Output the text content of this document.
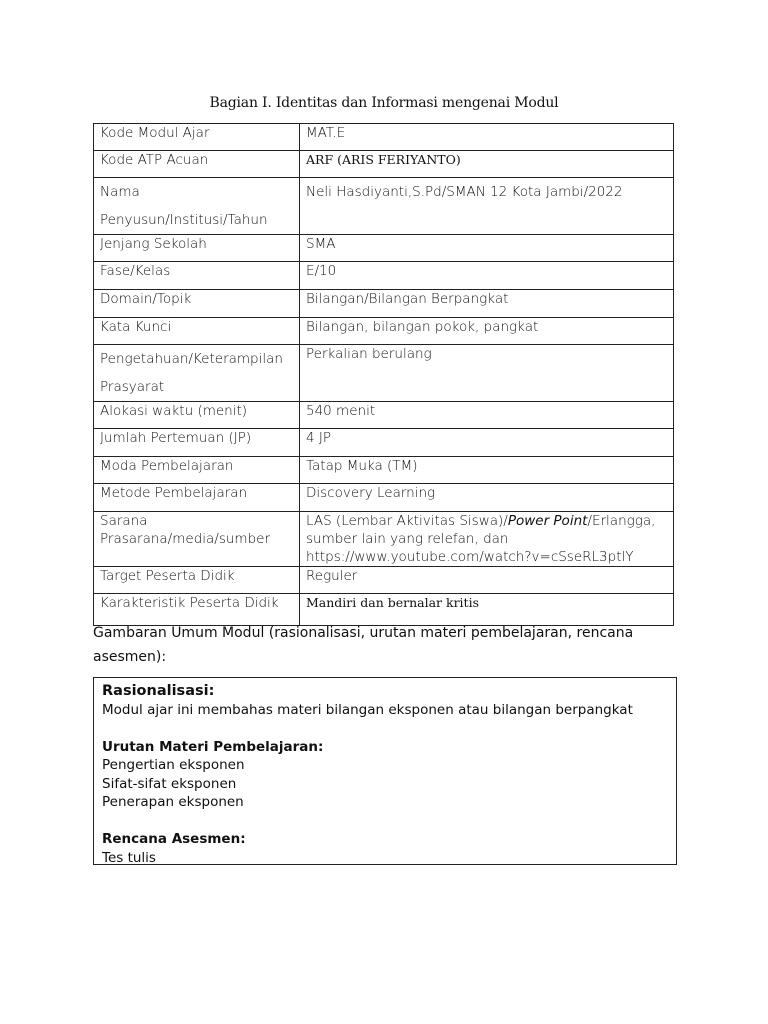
Bagian I. Identitas dan Informasi mengenai Modul
Kode Modul Ajar	MAT.E
Kode ATP Acuan	ARF (ARIS FERIYANTO)
Nama Penyusun/Institusi/Tahun	Neli Hasdiyanti,S.Pd/SMAN 12 Kota Jambi/2022
Jenjang Sekolah	SMA
Fase/Kelas	E/10
Domain/Topik	Bilangan/Bilangan Berpangkat
Kata Kunci	Bilangan, bilangan pokok, pangkat
Pengetahuan/Keterampilan Prasyarat	Perkalian berulang
Alokasi waktu (menit)	540 menit
Jumlah Pertemuan (JP)	4 JP
Moda Pembelajaran	Tatap Muka (TM)
Metode Pembelajaran	Discovery Learning
Sarana Prasarana/media/sumber	LAS (Lembar Aktivitas Siswa)/Power Point/Erlangga, sumber lain yang relefan, dan https://www.youtube.com/watch?v=cSseRL3ptlY
Target Peserta Didik	Reguler
Karakteristik Peserta Didik	Mandiri dan bernalar kritis
Gambaran Umum Modul (rasionalisasi, urutan materi pembelajaran, rencana asesmen):
Rasionalisasi:
Modul ajar ini membahas materi bilangan eksponen atau bilangan berpangkat
Urutan Materi Pembelajaran:
Pengertian eksponen
Sifat-sifat eksponen
Penerapan eksponen
Rencana Asesmen:
Tes tulis
